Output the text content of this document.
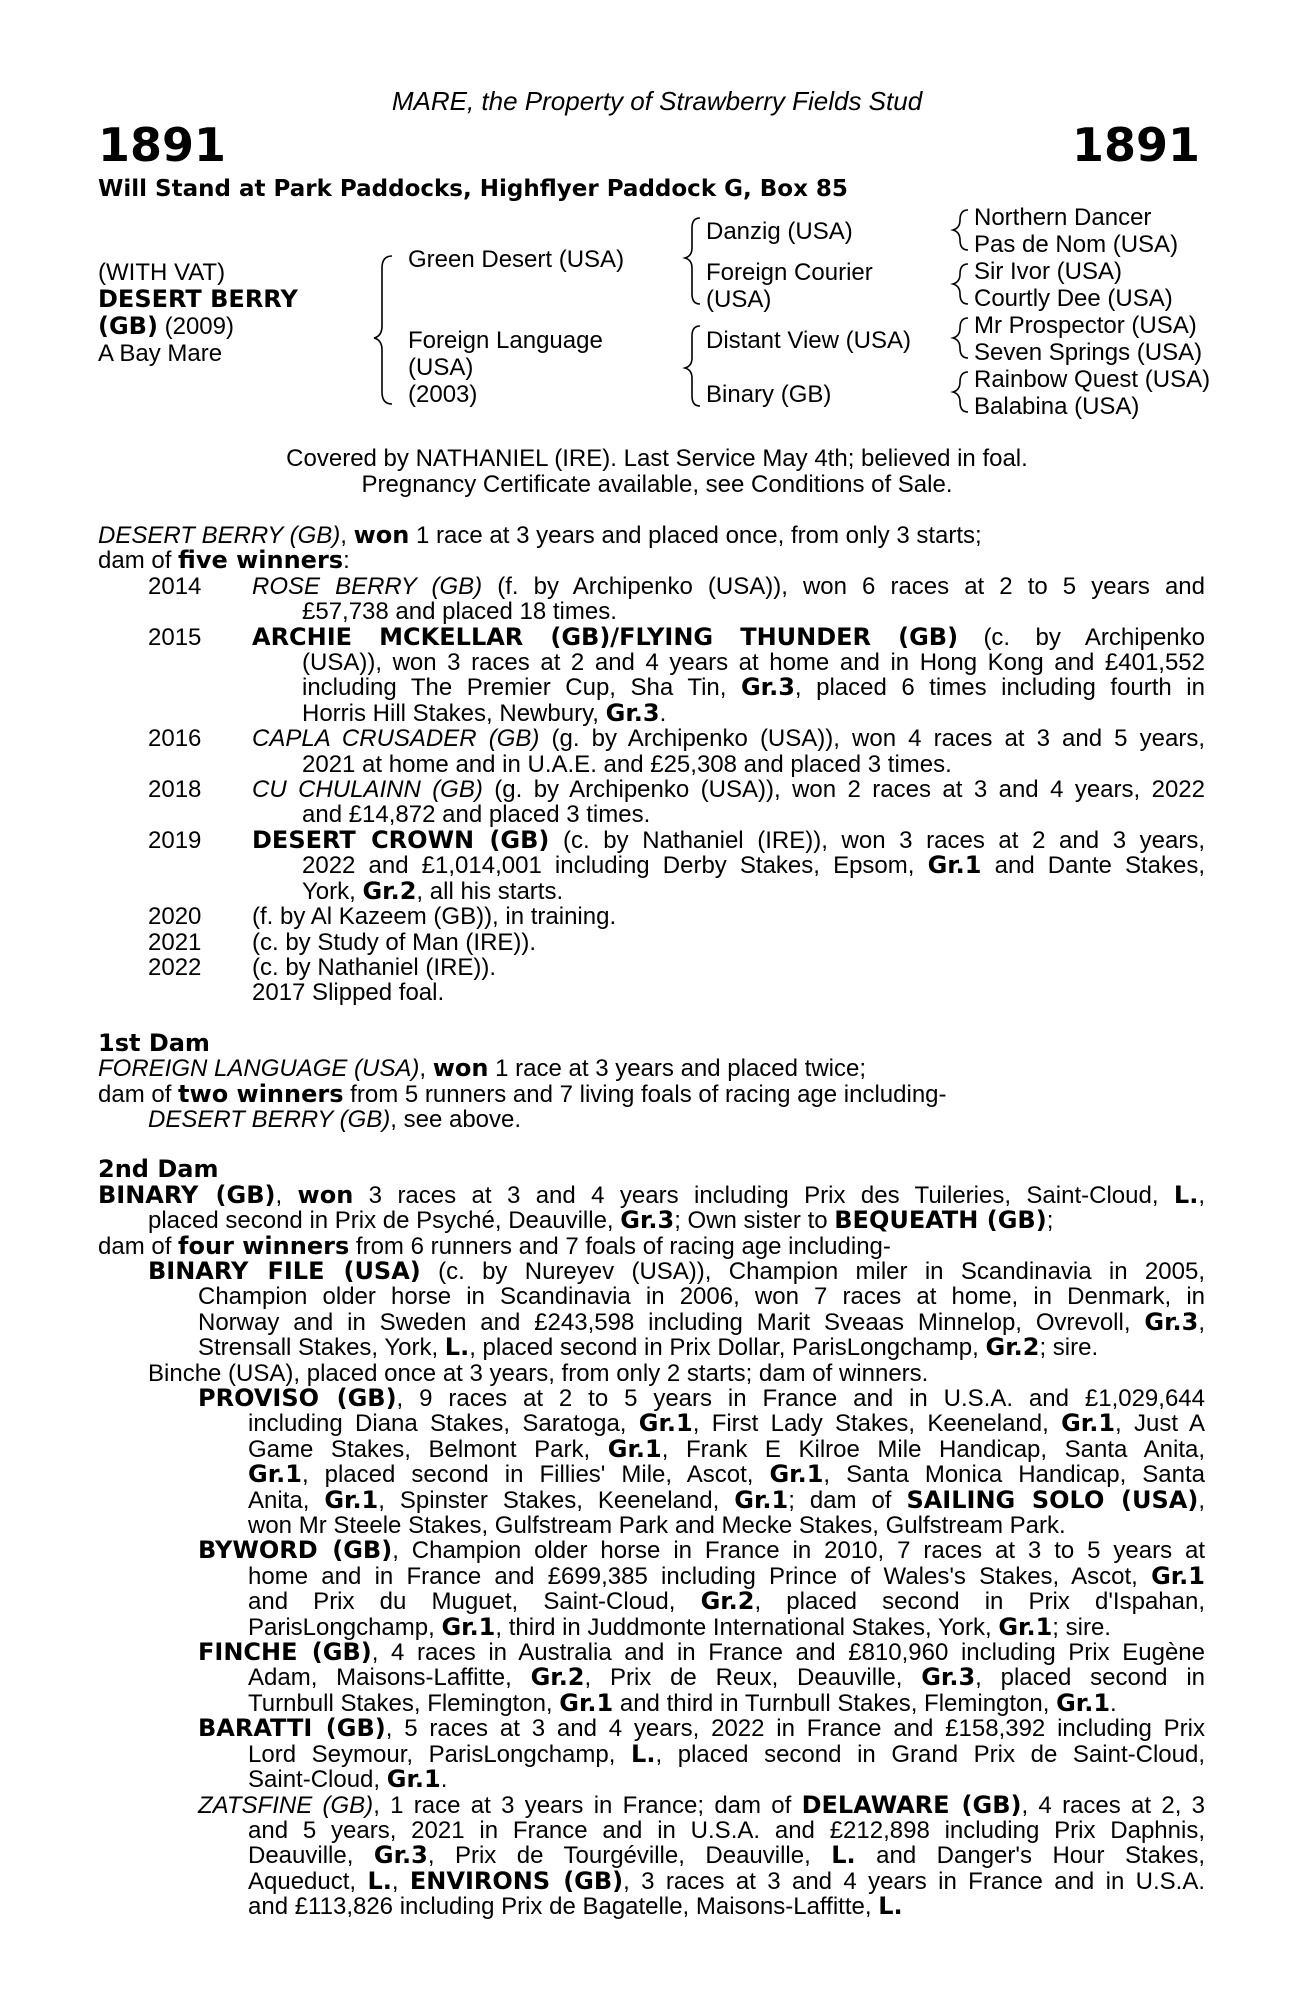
MARE, the Property of Strawberry Fields Stud
1891	1891
Will Stand at Park Paddocks, Highflyer Paddock G, Box 85
(WITH VAT)
DESERT BERRY
(GB) (2009)
A Bay Mare
Green Desert (USA)
Foreign Language
(USA)
(2003)
Danzig (USA)
Foreign Courier
(USA)
Distant View (USA)
Binary (GB)
Northern Dancer
Pas de Nom (USA)
Sir Ivor (USA)
Courtly Dee (USA)
Mr Prospector (USA)
Seven Springs (USA)
Rainbow Quest (USA)
Balabina (USA)
Covered by NATHANIEL (IRE). Last Service May 4th; believed in foal.
Pregnancy Certificate available, see Conditions of Sale.
DESERT BERRY (GB), won 1 race at 3 years and placed once, from only 3 starts;
dam of five winners:
2014 ROSE BERRY (GB) (f. by Archipenko (USA)), won 6 races at 2 to 5 years and
£57,738 and placed 18 times.
2015 ARCHIE MCKELLAR (GB)/FLYING THUNDER (GB) (c. by Archipenko
(USA)), won 3 races at 2 and 4 years at home and in Hong Kong and £401,552
including The Premier Cup, Sha Tin, Gr.3, placed 6 times including fourth in
Horris Hill Stakes, Newbury, Gr.3.
2016 CAPLA CRUSADER (GB) (g. by Archipenko (USA)), won 4 races at 3 and 5 years,
2021 at home and in U.A.E. and £25,308 and placed 3 times.
2018 CU CHULAINN (GB) (g. by Archipenko (USA)), won 2 races at 3 and 4 years, 2022
and £14,872 and placed 3 times.
2019 DESERT CROWN (GB) (c. by Nathaniel (IRE)), won 3 races at 2 and 3 years,
2022 and £1,014,001 including Derby Stakes, Epsom, Gr.1 and Dante Stakes,
York, Gr.2, all his starts.
2020 (f. by Al Kazeem (GB)), in training.
2021 (c. by Study of Man (IRE)).
2022 (c. by Nathaniel (IRE)).
2017 Slipped foal.
1st Dam
FOREIGN LANGUAGE (USA), won 1 race at 3 years and placed twice;
dam of two winners from 5 runners and 7 living foals of racing age including-
DESERT BERRY (GB), see above.
2nd Dam
BINARY (GB), won 3 races at 3 and 4 years including Prix des Tuileries, Saint-Cloud, L.,
placed second in Prix de Psyché, Deauville, Gr.3; Own sister to BEQUEATH (GB);
dam of four winners from 6 runners and 7 foals of racing age including-
BINARY FILE (USA) (c. by Nureyev (USA)), Champion miler in Scandinavia in 2005,
Champion older horse in Scandinavia in 2006, won 7 races at home, in Denmark, in
Norway and in Sweden and £243,598 including Marit Sveaas Minnelop, Ovrevoll, Gr.3,
Strensall Stakes, York, L., placed second in Prix Dollar, ParisLongchamp, Gr.2; sire.
Binche (USA), placed once at 3 years, from only 2 starts; dam of winners.
PROVISO (GB), 9 races at 2 to 5 years in France and in U.S.A. and £1,029,644
including Diana Stakes, Saratoga, Gr.1, First Lady Stakes, Keeneland, Gr.1, Just A
Game Stakes, Belmont Park, Gr.1, Frank E Kilroe Mile Handicap, Santa Anita,
Gr.1, placed second in Fillies' Mile, Ascot, Gr.1, Santa Monica Handicap, Santa
Anita, Gr.1, Spinster Stakes, Keeneland, Gr.1; dam of SAILING SOLO (USA),
won Mr Steele Stakes, Gulfstream Park and Mecke Stakes, Gulfstream Park.
BYWORD (GB), Champion older horse in France in 2010, 7 races at 3 to 5 years at
home and in France and £699,385 including Prince of Wales's Stakes, Ascot, Gr.1
and Prix du Muguet, Saint-Cloud, Gr.2, placed second in Prix d'Ispahan,
ParisLongchamp, Gr.1, third in Juddmonte International Stakes, York, Gr.1; sire.
FINCHE (GB), 4 races in Australia and in France and £810,960 including Prix Eugène
Adam, Maisons-Laffitte, Gr.2, Prix de Reux, Deauville, Gr.3, placed second in
Turnbull Stakes, Flemington, Gr.1 and third in Turnbull Stakes, Flemington, Gr.1.
BARATTI (GB), 5 races at 3 and 4 years, 2022 in France and £158,392 including Prix
Lord Seymour, ParisLongchamp, L., placed second in Grand Prix de Saint-Cloud,
Saint-Cloud, Gr.1.
ZATSFINE (GB), 1 race at 3 years in France; dam of DELAWARE (GB), 4 races at 2, 3
and 5 years, 2021 in France and in U.S.A. and £212,898 including Prix Daphnis,
Deauville, Gr.3, Prix de Tourgéville, Deauville, L. and Danger's Hour Stakes,
Aqueduct, L., ENVIRONS (GB), 3 races at 3 and 4 years in France and in U.S.A.
and £113,826 including Prix de Bagatelle, Maisons-Laffitte, L.
